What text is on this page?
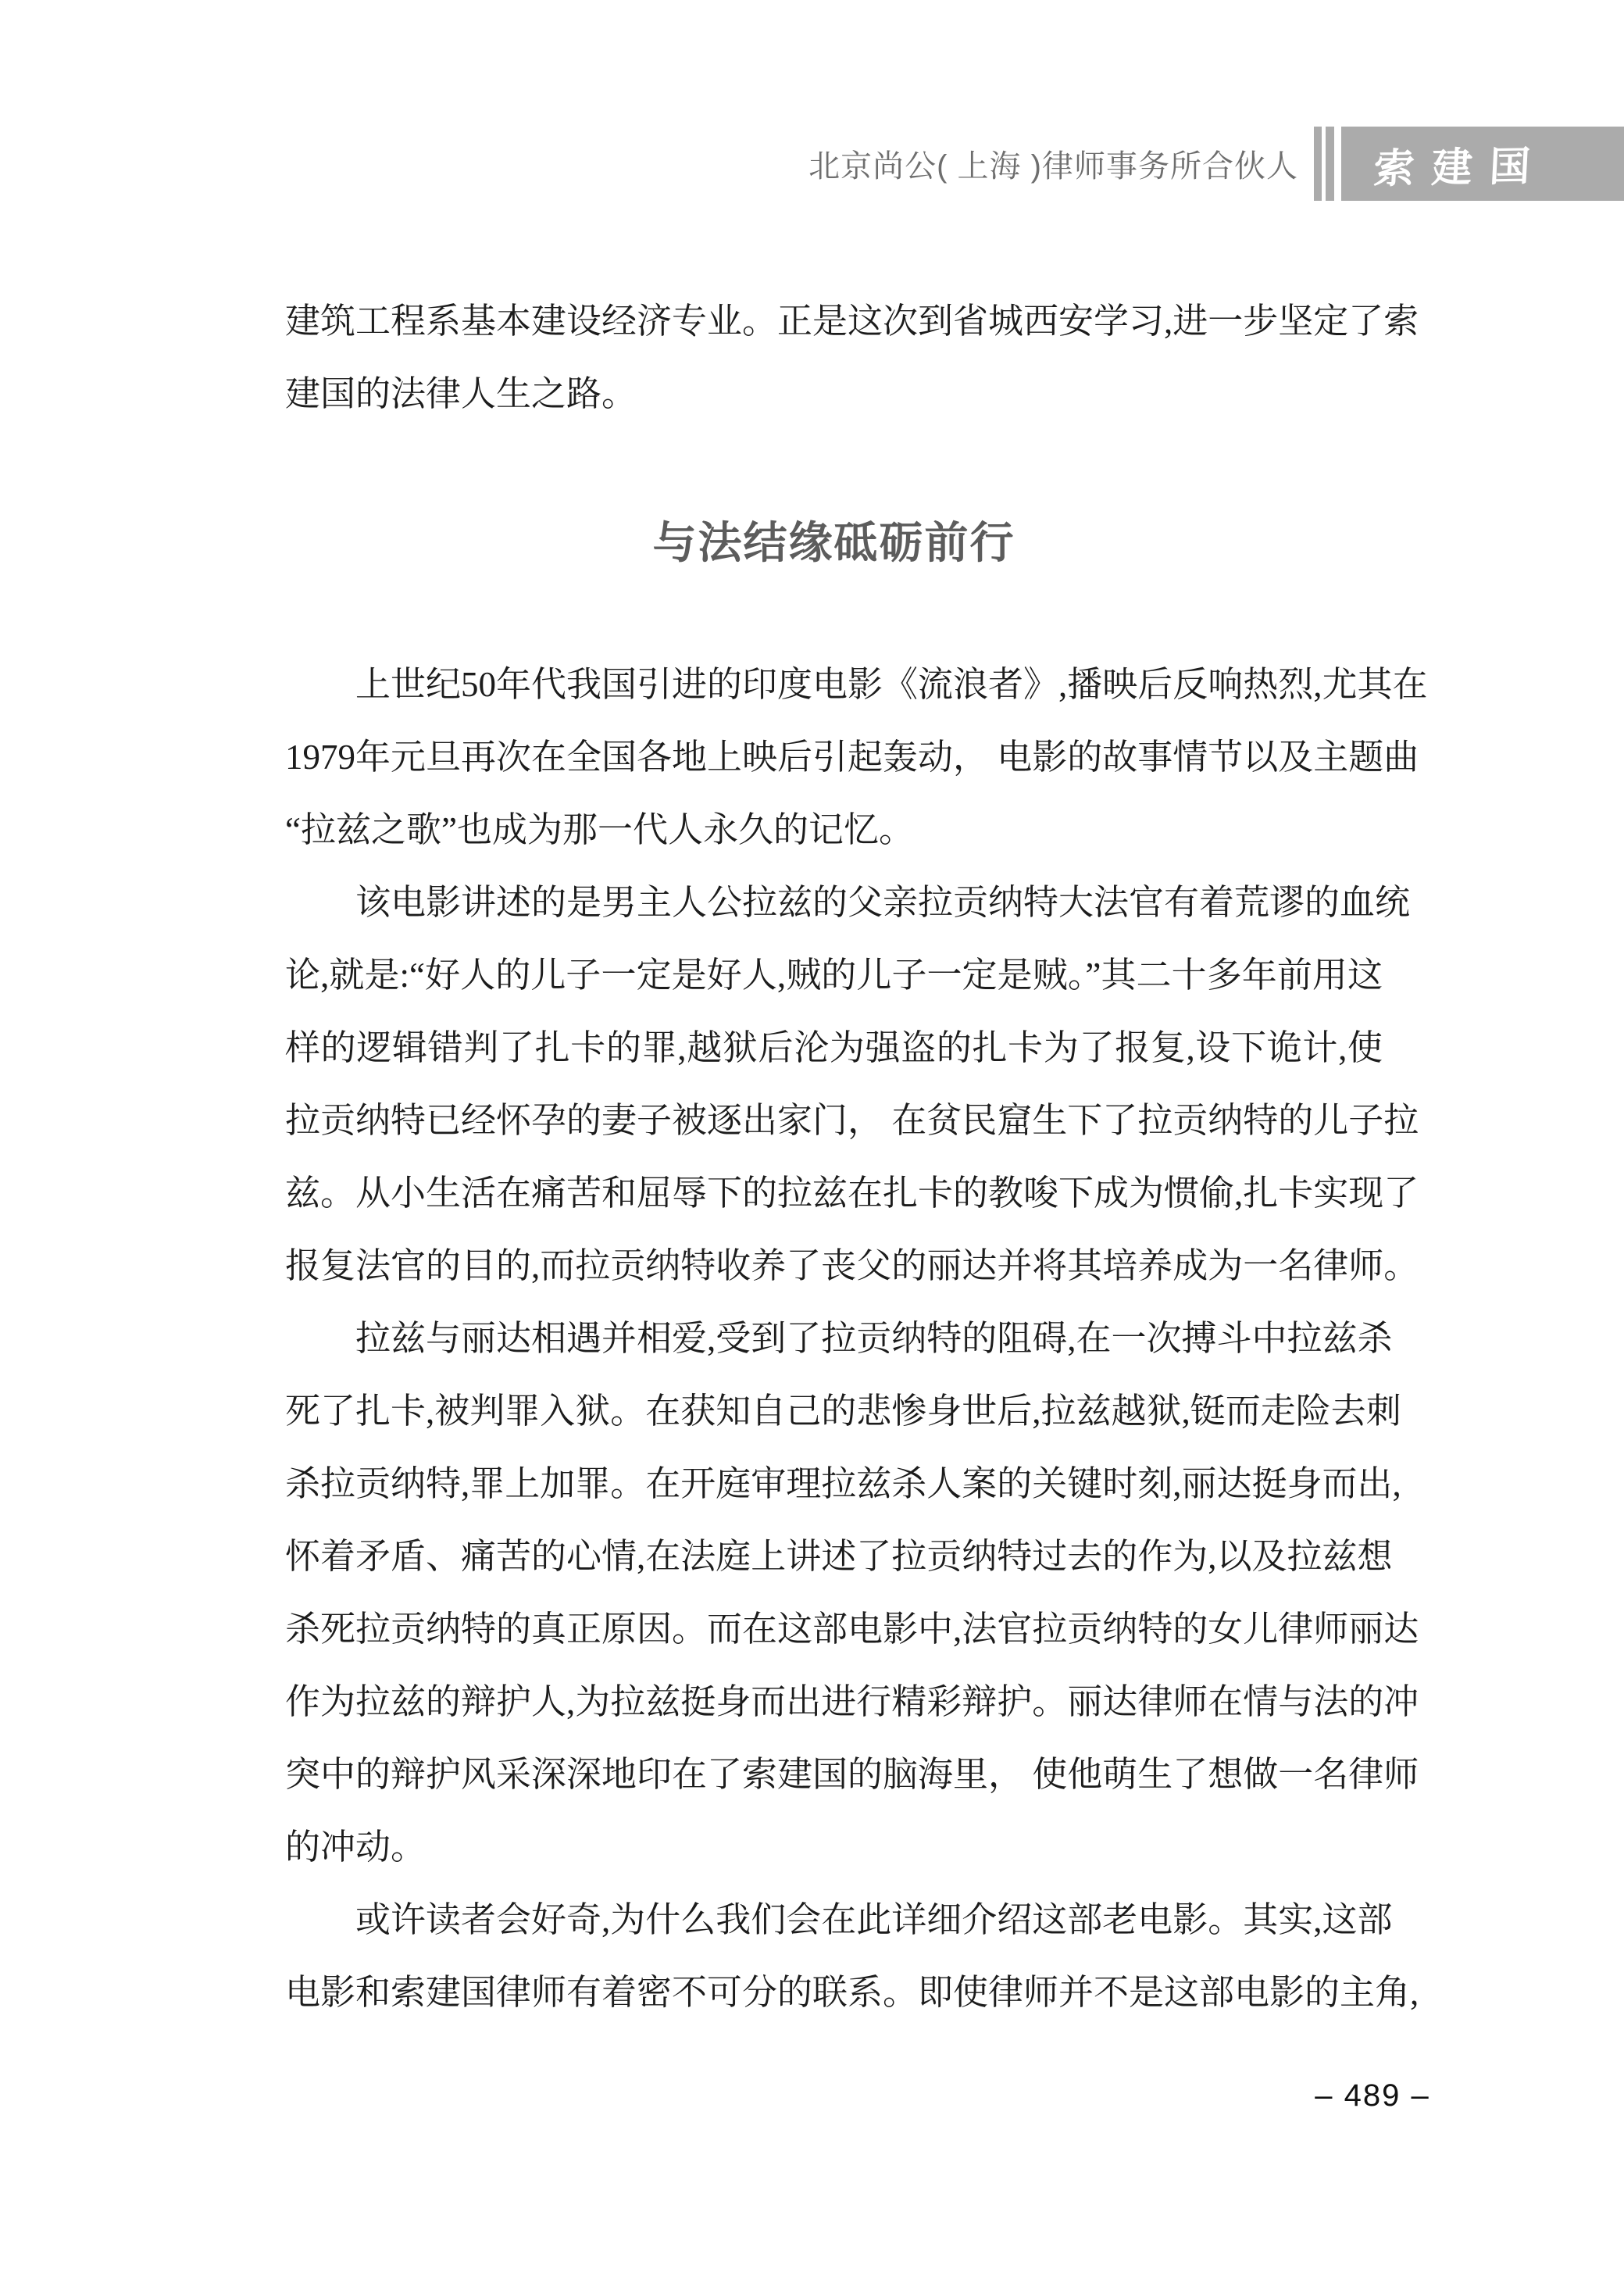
北京尚公( 上海 )律师事务所合伙人 索建国
建筑工程系基本建设经济专业。正是这次到省城西安学习,进一步坚定了索
建国的法律人生之路。
与法结缘砥砺前行
上世纪50年代我国引进的印度电影《流浪者》,播映后反响热烈,尤其在
1979年元旦再次在全国各地上映后引起轰动， 电影的故事情节以及主题曲
“拉兹之歌”也成为那一代人永久的记忆。
该电影讲述的是男主人公拉兹的父亲拉贡纳特大法官有着荒谬的血统
论,就是:“好人的儿子一定是好人,贼的儿子一定是贼。”其二十多年前用这
样的逻辑错判了扎卡的罪,越狱后沦为强盗的扎卡为了报复,设下诡计,使
拉贡纳特已经怀孕的妻子被逐出家门， 在贫民窟生下了拉贡纳特的儿子拉
兹。从小生活在痛苦和屈辱下的拉兹在扎卡的教唆下成为惯偷,扎卡实现了
报复法官的目的,而拉贡纳特收养了丧父的丽达并将其培养成为一名律师。
拉兹与丽达相遇并相爱,受到了拉贡纳特的阻碍,在一次搏斗中拉兹杀
死了扎卡,被判罪入狱。在获知自己的悲惨身世后,拉兹越狱,铤而走险去刺
杀拉贡纳特,罪上加罪。在开庭审理拉兹杀人案的关键时刻,丽达挺身而出,
怀着矛盾、痛苦的心情,在法庭上讲述了拉贡纳特过去的作为,以及拉兹想
杀死拉贡纳特的真正原因。而在这部电影中,法官拉贡纳特的女儿律师丽达
作为拉兹的辩护人,为拉兹挺身而出进行精彩辩护。丽达律师在情与法的冲
突中的辩护风采深深地印在了索建国的脑海里， 使他萌生了想做一名律师
的冲动。
或许读者会好奇,为什么我们会在此详细介绍这部老电影。其实,这部
电影和索建国律师有着密不可分的联系。即使律师并不是这部电影的主角,
– 489 –
